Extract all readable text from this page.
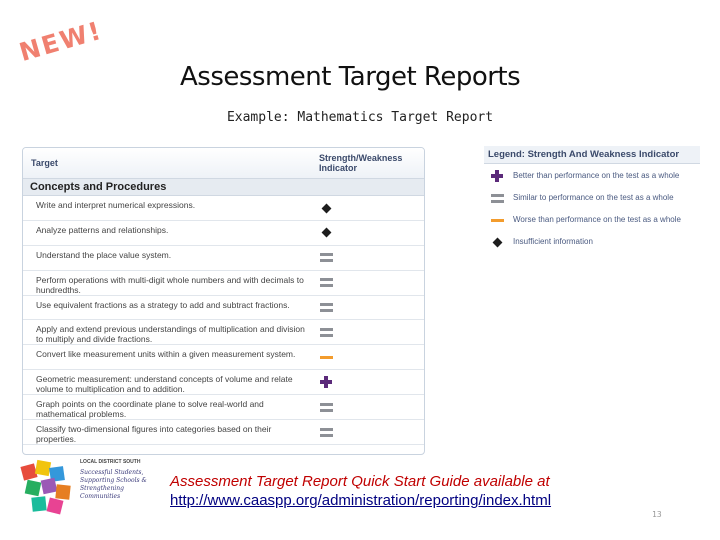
NEW!
Assessment Target Reports
Example: Mathematics Target Report
Target	Strength/Weakness Indicator
Concepts and Procedures
Write and interpret numerical expressions.
Analyze patterns and relationships.
Understand the place value system.
Perform operations with multi-digit whole numbers and with decimals to hundredths.
Use equivalent fractions as a strategy to add and subtract fractions.
Apply and extend previous understandings of multiplication and division to multiply and divide fractions.
Convert like measurement units within a given measurement system.
Geometric measurement: understand concepts of volume and relate volume to multiplication and to addition.
Graph points on the coordinate plane to solve real-world and mathematical problems.
Classify two-dimensional figures into categories based on their properties.
Legend: Strength And Weakness Indicator
Better than performance on the test as a whole
Similar to performance on the test as a whole
Worse than performance on the test as a whole
Insufficient information
LOCAL DISTRICT SOUTH
Successful Students, Supporting Schools & Strengthening Communities
Assessment Target Report Quick Start Guide available at
http://www.caaspp.org/administration/reporting/index.html
13
